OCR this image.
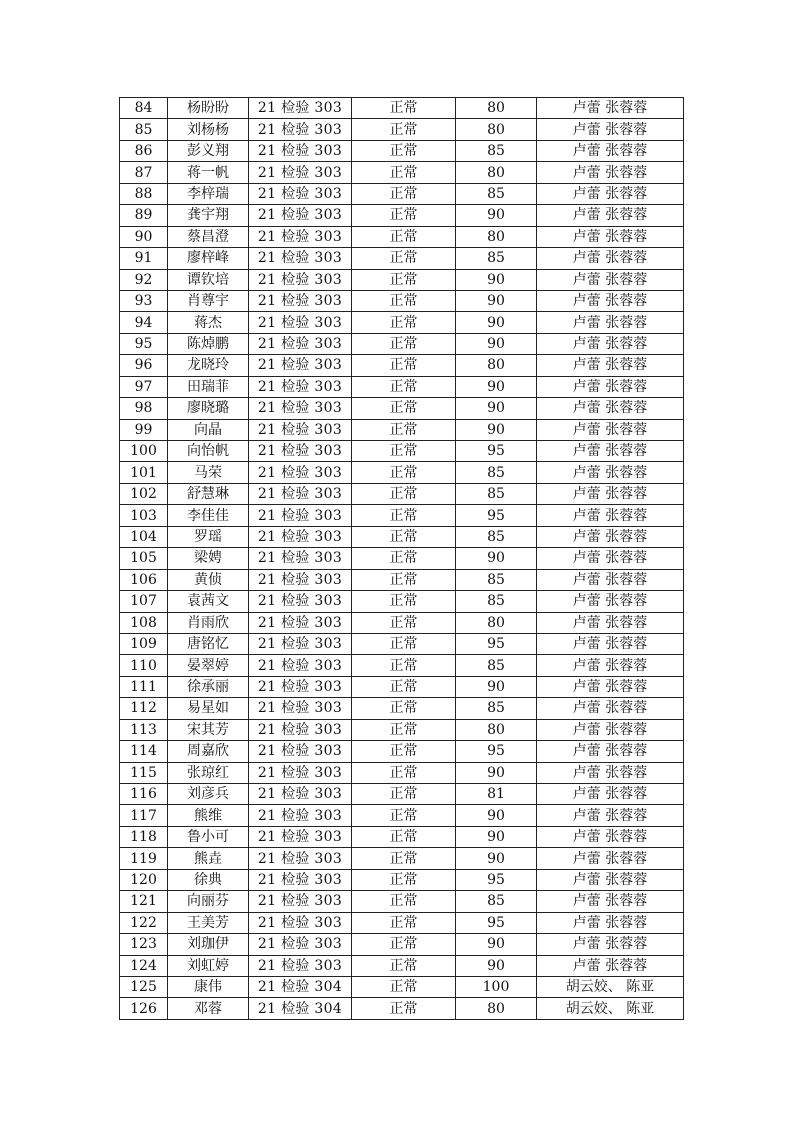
84	杨盼盼	21 检验 303	正常	80	卢蕾 张蓉蓉
85	刘杨杨	21 检验 303	正常	80	卢蕾 张蓉蓉
86	彭义翔	21 检验 303	正常	85	卢蕾 张蓉蓉
87	蒋一帆	21 检验 303	正常	80	卢蕾 张蓉蓉
88	李梓瑞	21 检验 303	正常	85	卢蕾 张蓉蓉
89	龚宇翔	21 检验 303	正常	90	卢蕾 张蓉蓉
90	蔡昌澄	21 检验 303	正常	80	卢蕾 张蓉蓉
91	廖梓峰	21 检验 303	正常	85	卢蕾 张蓉蓉
92	谭钦培	21 检验 303	正常	90	卢蕾 张蓉蓉
93	肖尊宇	21 检验 303	正常	90	卢蕾 张蓉蓉
94	蒋杰	21 检验 303	正常	90	卢蕾 张蓉蓉
95	陈焯鹏	21 检验 303	正常	90	卢蕾 张蓉蓉
96	龙晓玲	21 检验 303	正常	80	卢蕾 张蓉蓉
97	田瑞菲	21 检验 303	正常	90	卢蕾 张蓉蓉
98	廖晓璐	21 检验 303	正常	90	卢蕾 张蓉蓉
99	向晶	21 检验 303	正常	90	卢蕾 张蓉蓉
100	向怡帆	21 检验 303	正常	95	卢蕾 张蓉蓉
101	马荣	21 检验 303	正常	85	卢蕾 张蓉蓉
102	舒慧琳	21 检验 303	正常	85	卢蕾 张蓉蓉
103	李佳佳	21 检验 303	正常	95	卢蕾 张蓉蓉
104	罗瑶	21 检验 303	正常	85	卢蕾 张蓉蓉
105	梁娉	21 检验 303	正常	90	卢蕾 张蓉蓉
106	黄侦	21 检验 303	正常	85	卢蕾 张蓉蓉
107	袁茜文	21 检验 303	正常	85	卢蕾 张蓉蓉
108	肖雨欣	21 检验 303	正常	80	卢蕾 张蓉蓉
109	唐铭忆	21 检验 303	正常	95	卢蕾 张蓉蓉
110	晏翠婷	21 检验 303	正常	85	卢蕾 张蓉蓉
111	徐承丽	21 检验 303	正常	90	卢蕾 张蓉蓉
112	易星如	21 检验 303	正常	85	卢蕾 张蓉蓉
113	宋其芳	21 检验 303	正常	80	卢蕾 张蓉蓉
114	周嘉欣	21 检验 303	正常	95	卢蕾 张蓉蓉
115	张琼红	21 检验 303	正常	90	卢蕾 张蓉蓉
116	刘彦兵	21 检验 303	正常	81	卢蕾 张蓉蓉
117	熊维	21 检验 303	正常	90	卢蕾 张蓉蓉
118	鲁小可	21 检验 303	正常	90	卢蕾 张蓉蓉
119	熊垚	21 检验 303	正常	90	卢蕾 张蓉蓉
120	徐典	21 检验 303	正常	95	卢蕾 张蓉蓉
121	向丽芬	21 检验 303	正常	85	卢蕾 张蓉蓉
122	王美芳	21 检验 303	正常	95	卢蕾 张蓉蓉
123	刘珈伊	21 检验 303	正常	90	卢蕾 张蓉蓉
124	刘虹婷	21 检验 303	正常	90	卢蕾 张蓉蓉
125	康伟	21 检验 304	正常	100	胡云姣、 陈亚
126	邓蓉	21 检验 304	正常	80	胡云姣、 陈亚
